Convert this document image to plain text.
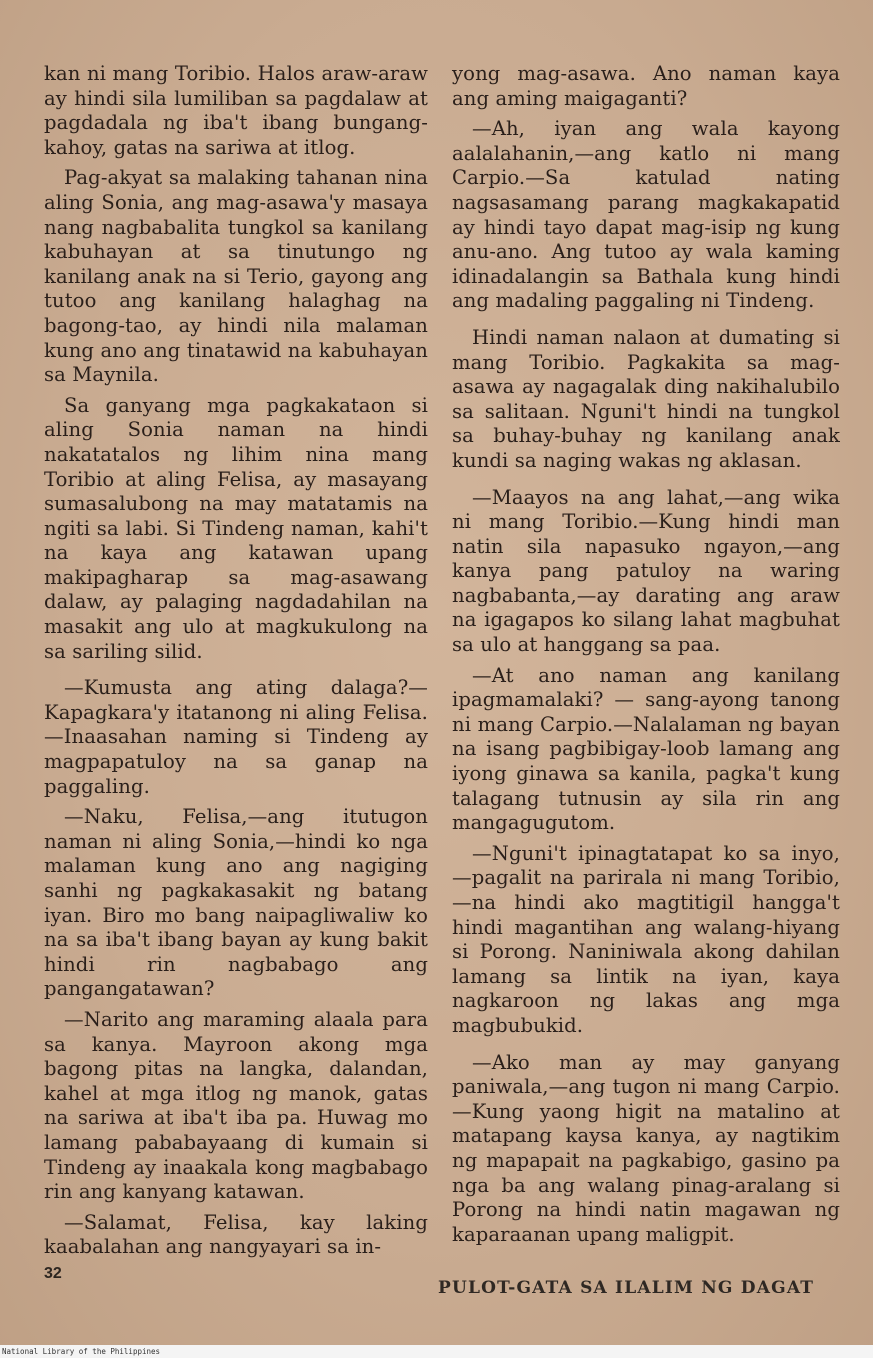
kan ni mang Toribio. Halos araw-araw ay hindi sila lumiliban sa pagdalaw at pagdadala ng iba't ibang bungang-kahoy, gatas na sariwa at itlog.

Pag-akyat sa malaking tahanan nina aling Sonia, ang mag-asawa'y masaya nang nagbabalita tungkol sa kanilang kabuhayan at sa tinutungo ng kanilang anak na si Terio, gayong ang tutoo ang kanilang halaghag na bagong-tao, ay hindi nila malaman kung ano ang tinatawid na kabuhayan sa Maynila.

Sa ganyang mga pagkakataon si aling Sonia naman na hindi nakatatalos ng lihim nina mang Toribio at aling Felisa, ay masayang sumasalubong na may matatamis na ngiti sa labi. Si Tindeng naman, kahi't na kaya ang katawan upang makipagharap sa mag-asawang dalaw, ay palaging nagdadahilan na masakit ang ulo at magkukulong na sa sariling silid.

—Kumusta ang ating dalaga?—Kapagkara'y itatanong ni aling Felisa.—Inaasahan naming si Tindeng ay magpapatuloy na sa ganap na paggaling.

—Naku, Felisa,—ang itutugon naman ni aling Sonia,—hindi ko nga malaman kung ano ang nagiging sanhi ng pagkakasakit ng batang iyan. Biro mo bang naipagliwaliw ko na sa iba't ibang bayan ay kung bakit hindi rin nagbabago ang pangangatawan?

—Narito ang maraming alaala para sa kanya. Mayroon akong mga bagong pitas na langka, dalandan, kahel at mga itlog ng manok, gatas na sariwa at iba't iba pa. Huwag mo lamang pababayaang di kumain si Tindeng ay inaakala kong magbabago rin ang kanyang katawan.

—Salamat, Felisa, kay laking kaabalahan ang nangyayari sa in-

yong mag-asawa. Ano naman kaya ang aming maigaganti?

—Ah, iyan ang wala kayong aalalahanin,—ang katlo ni mang Carpio.—Sa katulad nating nagsasamang parang magkakapatid ay hindi tayo dapat mag-isip ng kung anu-ano. Ang tutoo ay wala kaming idinadalangin sa Bathala kung hindi ang madaling paggaling ni Tindeng.

Hindi naman nalaon at dumating si mang Toribio. Pagkakita sa mag-asawa ay nagagalak ding nakihalubilo sa salitaan. Nguni't hindi na tungkol sa buhay-buhay ng kanilang anak kundi sa naging wakas ng aklasan.

—Maayos na ang lahat,—ang wika ni mang Toribio.—Kung hindi man natin sila napasuko ngayon,—ang kanya pang patuloy na waring nagbabanta,—ay darating ang araw na igagapos ko silang lahat magbuhat sa ulo at hanggang sa paa.

—At ano naman ang kanilang ipagmamalaki? — sang-ayong tanong ni mang Carpio.—Nalalaman ng bayan na isang pagbibigay-loob lamang ang iyong ginawa sa kanila, pagka't kung talagang tutnusin ay sila rin ang mangagugutom.

—Nguni't ipinagtatapat ko sa inyo,—pagalit na parirala ni mang Toribio,—na hindi ako magtitigil hangga't hindi magantihan ang walang-hiyang si Porong. Naniniwala akong dahilan lamang sa lintik na iyan, kaya nagkaroon ng lakas ang mga magbubukid.

—Ako man ay may ganyang paniwala,—ang tugon ni mang Carpio.—Kung yaong higit na matalino at matapang kaysa kanya, ay nagtikim ng mapapait na pagkabigo, gasino pa nga ba ang walang pinag-aralang si Porong na hindi natin magawan ng kaparaanan upang maligpit.

32
PULOT-GATA SA ILALIM NG DAGAT
National Library of the Philippines
